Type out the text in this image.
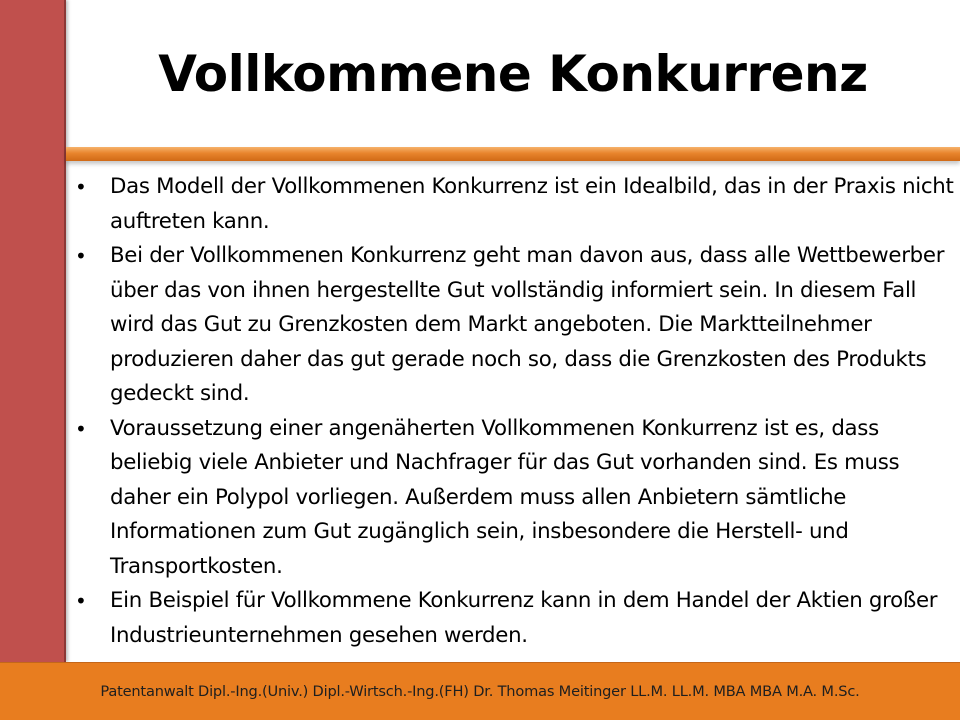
Vollkommene Konkurrenz
• Das Modell der Vollkommenen Konkurrenz ist ein Idealbild, das in der Praxis nicht auftreten kann.
• Bei der Vollkommenen Konkurrenz geht man davon aus, dass alle Wettbewerber über das von ihnen hergestellte Gut vollständig informiert sein. In diesem Fall wird das Gut zu Grenzkosten dem Markt angeboten. Die Marktteilnehmer produzieren daher das gut gerade noch so, dass die Grenzkosten des Produkts gedeckt sind.
• Voraussetzung einer angenäherten Vollkommenen Konkurrenz ist es, dass beliebig viele Anbieter und Nachfrager für das Gut vorhanden sind. Es muss daher ein Polypol vorliegen. Außerdem muss allen Anbietern sämtliche Informationen zum Gut zugänglich sein, insbesondere die Herstell- und Transportkosten.
• Ein Beispiel für Vollkommene Konkurrenz kann in dem Handel der Aktien großer Industrieunternehmen gesehen werden.
Patentanwalt Dipl.-Ing.(Univ.) Dipl.-Wirtsch.-Ing.(FH) Dr. Thomas Meitinger LL.M. LL.M. MBA MBA M.A. M.Sc.
